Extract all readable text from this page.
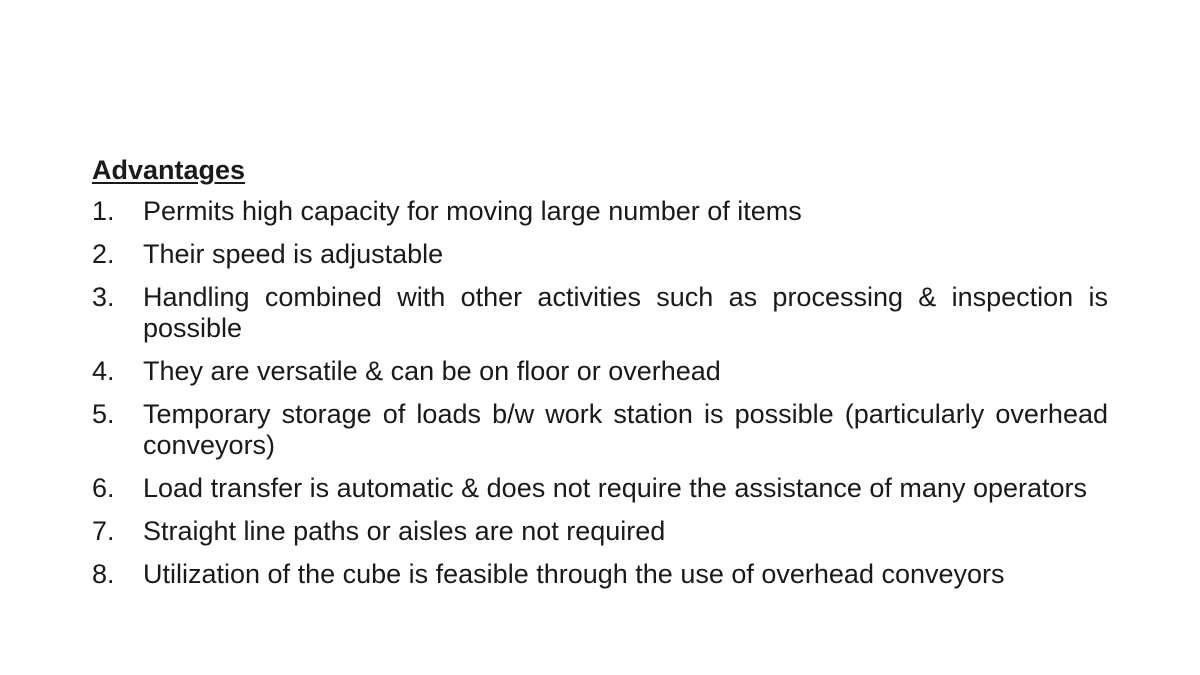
Advantages
1.	Permits high capacity for moving large number of items
2.	Their speed is adjustable
3.	Handling combined with other activities such as processing & inspection is possible
4.	They are versatile & can be on floor or overhead
5.	Temporary storage of loads b/w work station is possible (particularly overhead conveyors)
6.	Load transfer is automatic & does not require the assistance of many operators
7.	Straight line paths or aisles are not required
8.	Utilization of the cube is feasible through the use of overhead conveyors
